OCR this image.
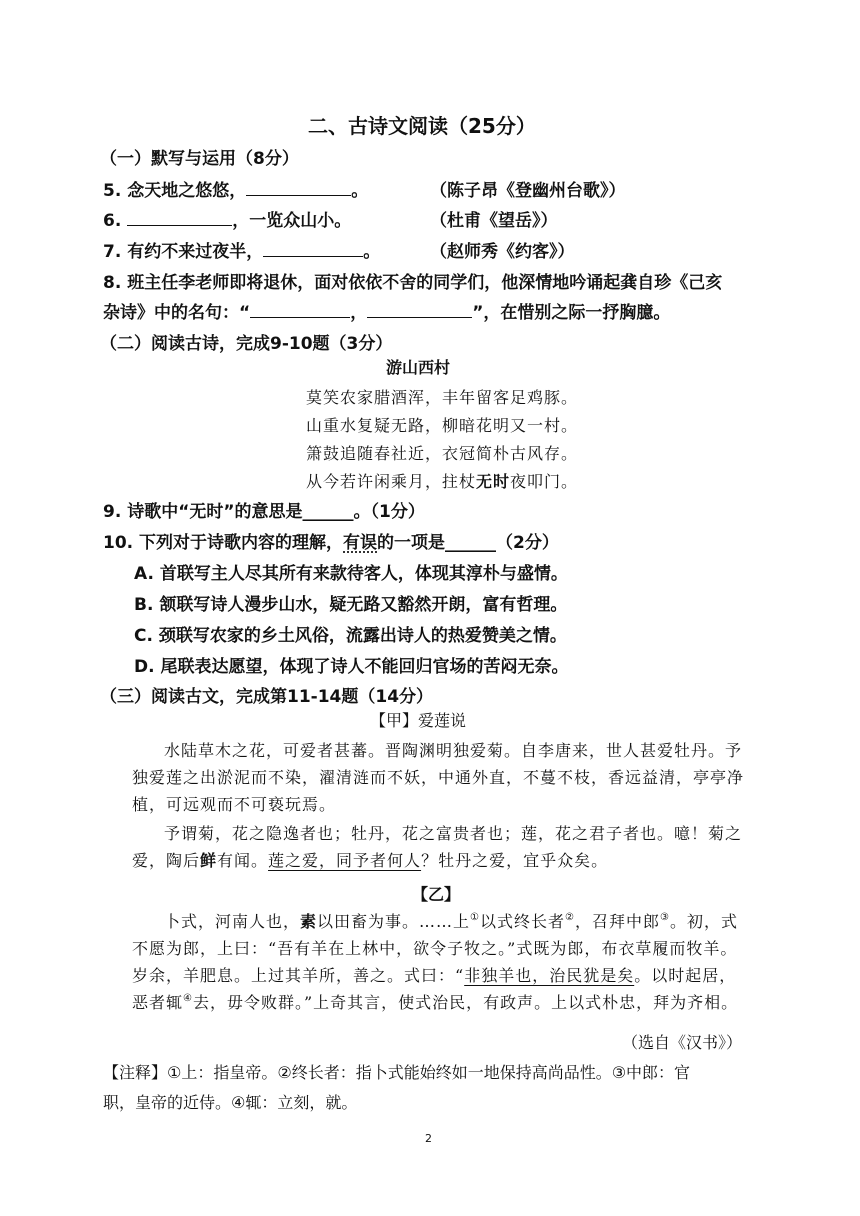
二、古诗文阅读（25分）
（一）默写与运用（8分）
5. 念天地之悠悠，	。	（陈子昂《登幽州台歌》）
6.	，一览众山小。	（杜甫《望岳》）
7. 有约不来过夜半，	。	（赵师秀《约客》）
8. 班主任李老师即将退休，面对依依不舍的同学们，他深情地吟诵起龚自珍《己亥
杂诗》中的名句：“	，	”，在惜别之际一抒胸臆。
（二）阅读古诗，完成9-10题（3分）
游山西村
莫笑农家腊酒浑，丰年留客足鸡豚。
山重水复疑无路，柳暗花明又一村。
箫鼓追随春社近，衣冠简朴古风存。
从今若许闲乘月，拄杖无时夜叩门。
9. 诗歌中“无时”的意思是______。（1分）
10. 下列对于诗歌内容的理解，有误的一项是______（2分）
A. 首联写主人尽其所有来款待客人，体现其淳朴与盛情。
B. 颔联写诗人漫步山水，疑无路又豁然开朗，富有哲理。
C. 颈联写农家的乡土风俗，流露出诗人的热爱赞美之情。
D. 尾联表达愿望，体现了诗人不能回归官场的苦闷无奈。
（三）阅读古文，完成第11-14题（14分）
【甲】爱莲说
水陆草木之花，可爱者甚蕃。晋陶渊明独爱菊。自李唐来，世人甚爱牡丹。予独爱莲之出淤泥而不染，濯清涟而不妖，中通外直，不蔓不枝，香远益清，亭亭净植，可远观而不可亵玩焉。
予谓菊，花之隐逸者也；牡丹，花之富贵者也；莲，花之君子者也。噫！菊之爱，陶后鲜有闻。莲之爱，同予者何人？牡丹之爱，宜乎众矣。
【乙】
卜式，河南人也，素以田畜为事。……上①以式终长者②，召拜中郎③。初，式不愿为郎，上曰：“吾有羊在上林中，欲令子牧之。”式既为郎，布衣草履而牧羊。岁余，羊肥息。上过其羊所，善之。式曰：“非独羊也，治民犹是矣。以时起居，恶者辄④去，毋令败群。”上奇其言，使式治民，有政声。上以式朴忠，拜为齐相。
（选自《汉书》）
【注释】①上：指皇帝。②终长者：指卜式能始终如一地保持高尚品性。③中郎：官
职，皇帝的近侍。④辄：立刻，就。
2
